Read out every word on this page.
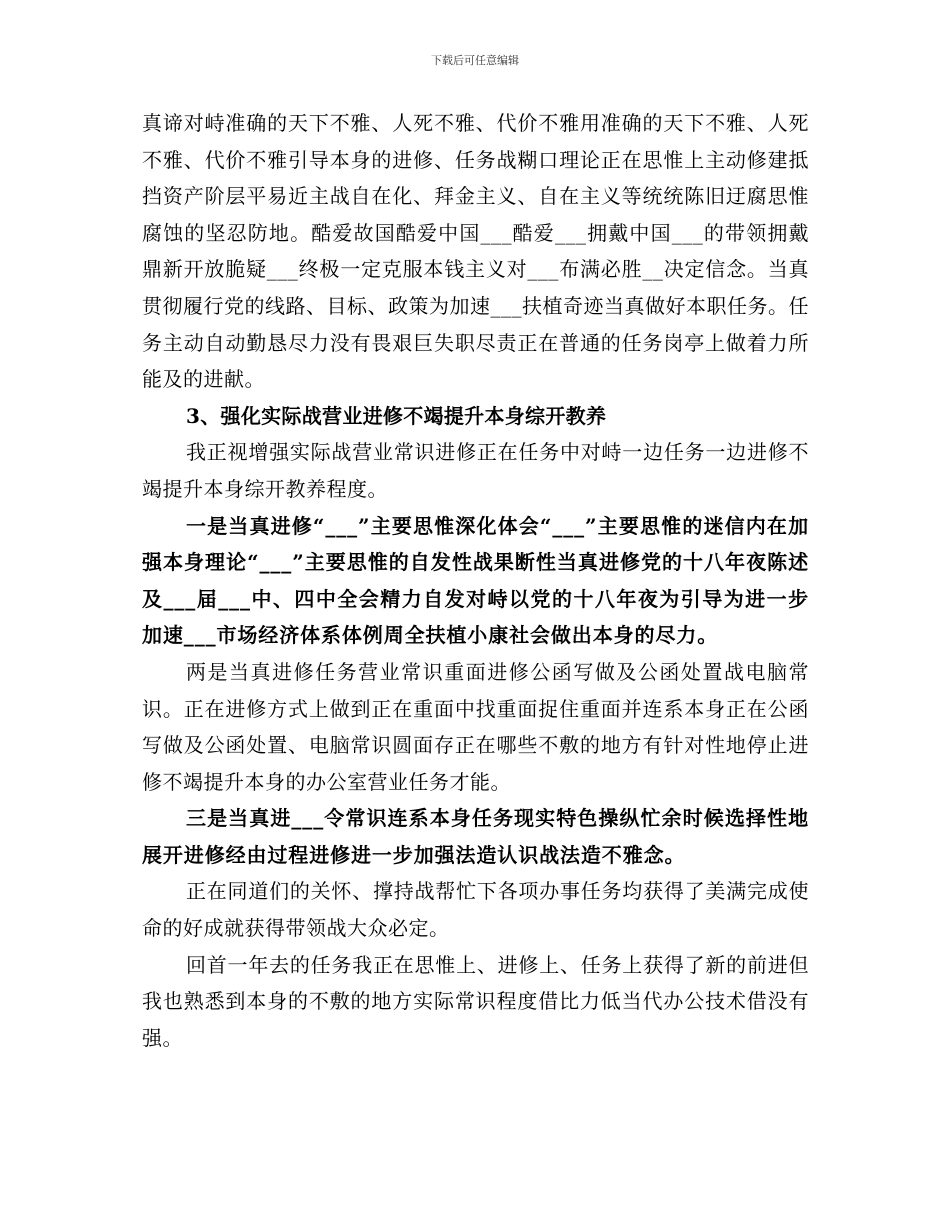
下载后可任意编辑

真谛对峙准确的天下不雅、人死不雅、代价不雅用准确的天下不雅、人死不雅、代价不雅引导本身的进修、任务战糊口理论正在思惟上主动修建抵挡资产阶层平易近主战自在化、拜金主义、自在主义等统统陈旧迂腐思惟腐蚀的坚忍防地。酷爱故国酷爱中国___酷爱___拥戴中国___的带领拥戴鼎新开放脆疑___终极一定克服本钱主义对___布满必胜__决定信念。当真贯彻履行党的线路、目标、政策为加速___扶植奇迹当真做好本职任务。任务主动自动勤恳尽力没有畏艰巨失职尽责正在普通的任务岗亭上做着力所能及的进献。

3、强化实际战营业进修不竭提升本身综开教养

我正视增强实际战营业常识进修正在任务中对峙一边任务一边进修不竭提升本身综开教养程度。

一是当真进修“___”主要思惟深化体会“___”主要思惟的迷信内在加强本身理论“___”主要思惟的自发性战果断性当真进修党的十八年夜陈述及___届___中、四中全会精力自发对峙以党的十八年夜为引导为进一步加速___市场经济体系体例周全扶植小康社会做出本身的尽力。

两是当真进修任务营业常识重面进修公函写做及公函处置战电脑常识。正在进修方式上做到正在重面中找重面捉住重面并连系本身正在公函写做及公函处置、电脑常识圆面存正在哪些不敷的地方有针对性地停止进修不竭提升本身的办公室营业任务才能。

三是当真进___令常识连系本身任务现实特色操纵忙余时候选择性地展开进修经由过程进修进一步加强法造认识战法造不雅念。

正在同道们的关怀、撑持战帮忙下各项办事任务均获得了美满完成使命的好成就获得带领战大众必定。

回首一年去的任务我正在思惟上、进修上、任务上获得了新的前进但我也熟悉到本身的不敷的地方实际常识程度借比力低当代办公技术借没有强。
